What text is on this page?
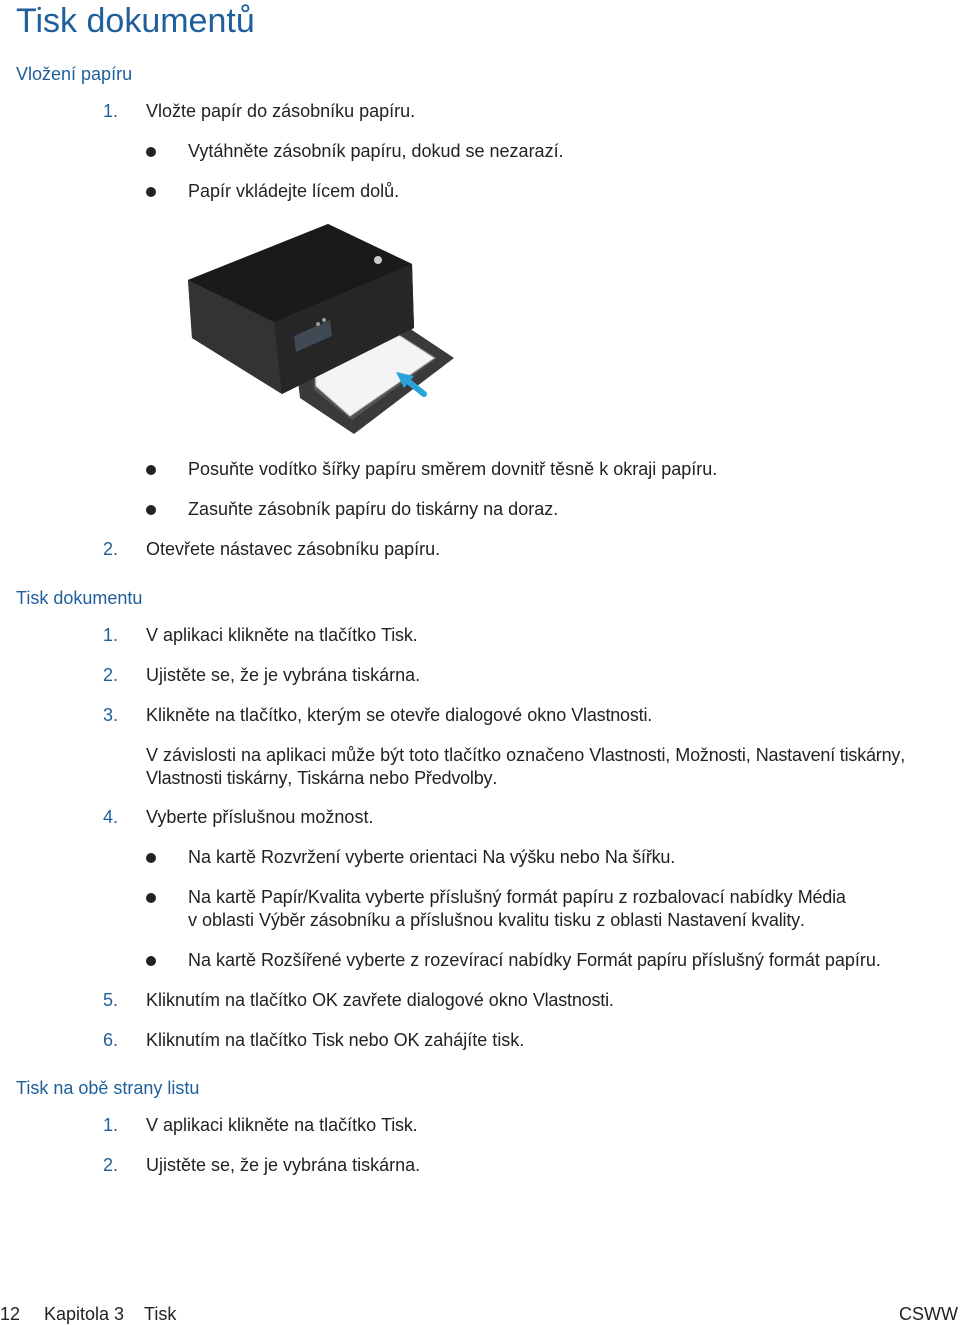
Tisk dokumentů
Vložení papíru
1.	Vložte papír do zásobníku papíru.
Vytáhněte zásobník papíru, dokud se nezarazí.
Papír vkládejte lícem dolů.
Posuňte vodítko šířky papíru směrem dovnitř těsně k okraji papíru.
Zasuňte zásobník papíru do tiskárny na doraz.
2.	Otevřete nástavec zásobníku papíru.
Tisk dokumentu
1.	V aplikaci klikněte na tlačítko Tisk.
2.	Ujistěte se, že je vybrána tiskárna.
3.	Klikněte na tlačítko, kterým se otevře dialogové okno Vlastnosti.
V závislosti na aplikaci může být toto tlačítko označeno Vlastnosti, Možnosti, Nastavení tiskárny,
Vlastnosti tiskárny, Tiskárna nebo Předvolby.
4.	Vyberte příslušnou možnost.
Na kartě Rozvržení vyberte orientaci Na výšku nebo Na šířku.
Na kartě Papír/Kvalita vyberte příslušný formát papíru z rozbalovací nabídky Média
v oblasti Výběr zásobníku a příslušnou kvalitu tisku z oblasti Nastavení kvality.
Na kartě Rozšířené vyberte z rozevírací nabídky Formát papíru příslušný formát papíru.
5.	Kliknutím na tlačítko OK zavřete dialogové okno Vlastnosti.
6.	Kliknutím na tlačítko Tisk nebo OK zahájíte tisk.
Tisk na obě strany listu
1.	V aplikaci klikněte na tlačítko Tisk.
2.	Ujistěte se, že je vybrána tiskárna.
12 Kapitola 3 Tisk	CSWW
